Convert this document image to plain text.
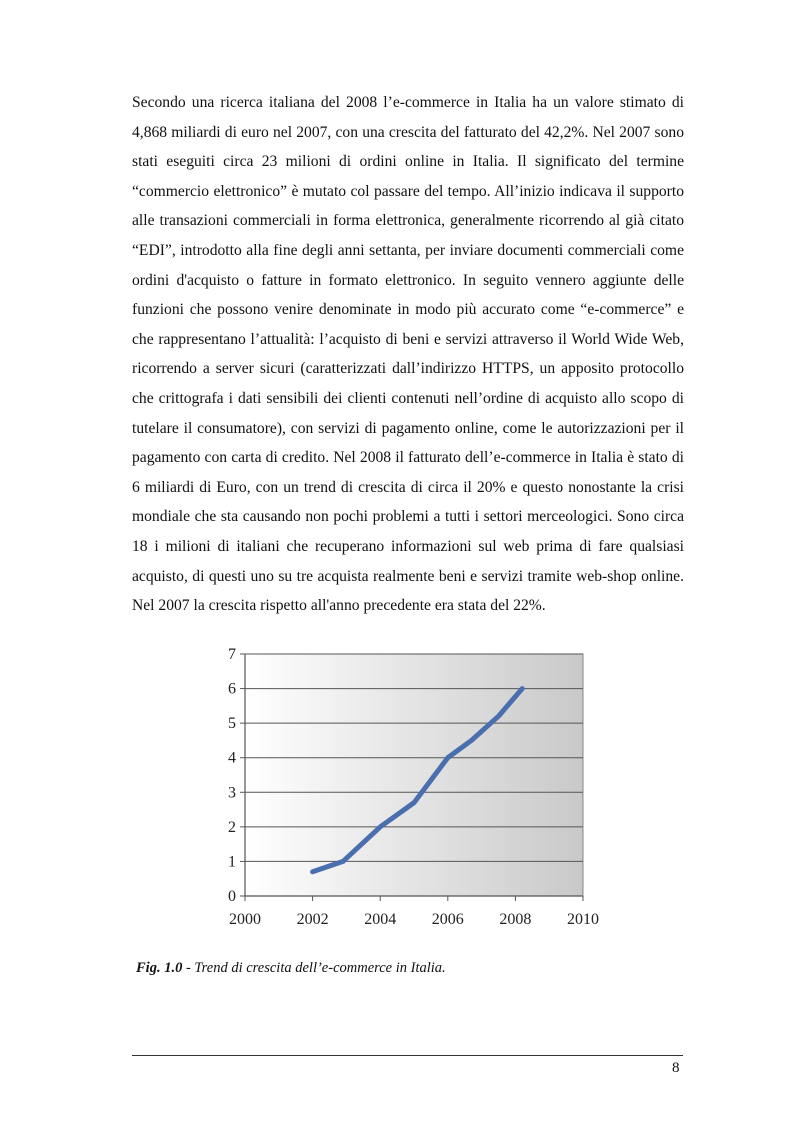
Secondo una ricerca italiana del 2008 l’e-commerce in Italia ha un valore stimato di 4,868 miliardi di euro nel 2007, con una crescita del fatturato del 42,2%. Nel 2007 sono stati eseguiti circa 23 milioni di ordini online in Italia. Il significato del termine “commercio elettronico” è mutato col passare del tempo. All’inizio indicava il supporto alle transazioni commerciali in forma elettronica, generalmente ricorrendo al già citato “EDI”, introdotto alla fine degli anni settanta, per inviare documenti commerciali come ordini d'acquisto o fatture in formato elettronico. In seguito vennero aggiunte delle funzioni che possono venire denominate in modo più accurato come “e-commerce” e che rappresentano l’attualità: l’acquisto di beni e servizi attraverso il World Wide Web, ricorrendo a server sicuri (caratterizzati dall’indirizzo HTTPS, un apposito protocollo che crittografa i dati sensibili dei clienti contenuti nell’ordine di acquisto allo scopo di tutelare il consumatore), con servizi di pagamento online, come le autorizzazioni per il pagamento con carta di credito. Nel 2008 il fatturato dell’e-commerce in Italia è stato di 6 miliardi di Euro, con un trend di crescita di circa il 20% e questo nonostante la crisi mondiale che sta causando non pochi problemi a tutti i settori merceologici. Sono circa 18 i milioni di italiani che recuperano informazioni sul web prima di fare qualsiasi acquisto, di questi uno su tre acquista realmente beni e servizi tramite web-shop online. Nel 2007 la crescita rispetto all'anno precedente era stata del 22%.

0
1
2
3
4
5
6
7
2000 2002 2004 2006 2008 2010
Fig. 1.0 - Trend di crescita dell’e-commerce in Italia.
8
